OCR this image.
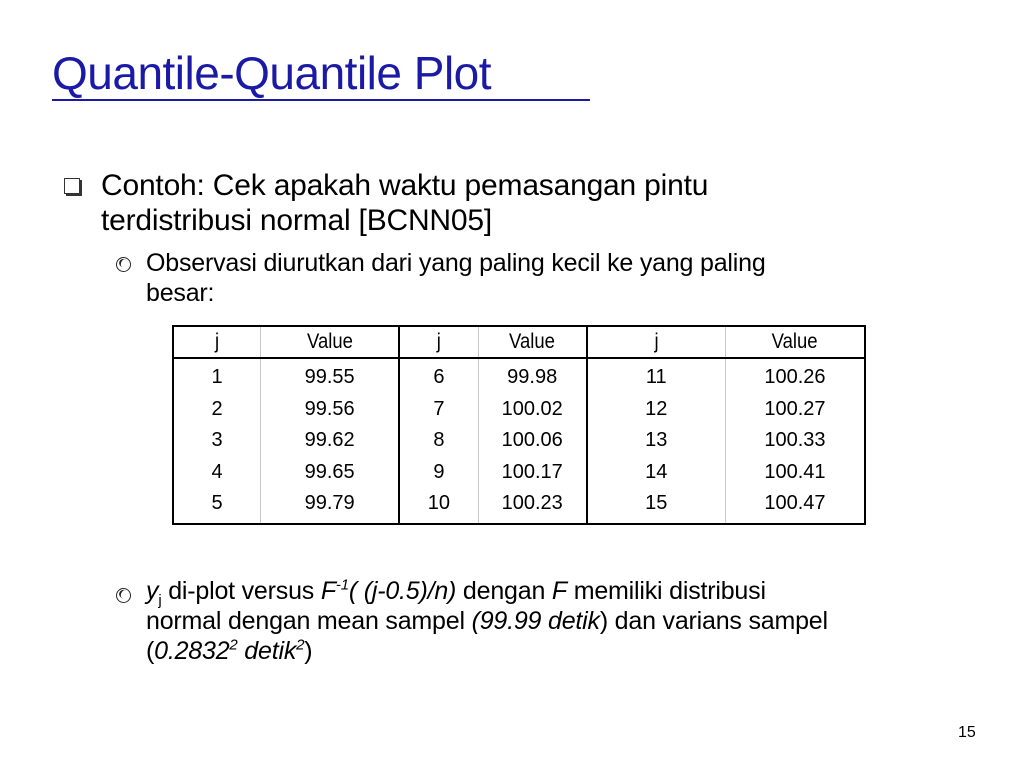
Quantile-Quantile Plot
Contoh: Cek apakah waktu pemasangan pintu
terdistribusi normal [BCNN05]
Observasi diurutkan dari yang paling kecil ke yang paling
besar:
j	Value	j	Value	j	Value
1	99.55	6	99.98	11	100.26
2	99.56	7	100.02	12	100.27
3	99.62	8	100.06	13	100.33
4	99.65	9	100.17	14	100.41
5	99.79	10	100.23	15	100.47
$y_j$ di-plot versus $F^{-1}$( (j-0.5)/n) dengan F memiliki distribusi
normal dengan mean sampel (99.99 detik) dan varians sampel
(0.2832$^2$ detik$^2$)
15
